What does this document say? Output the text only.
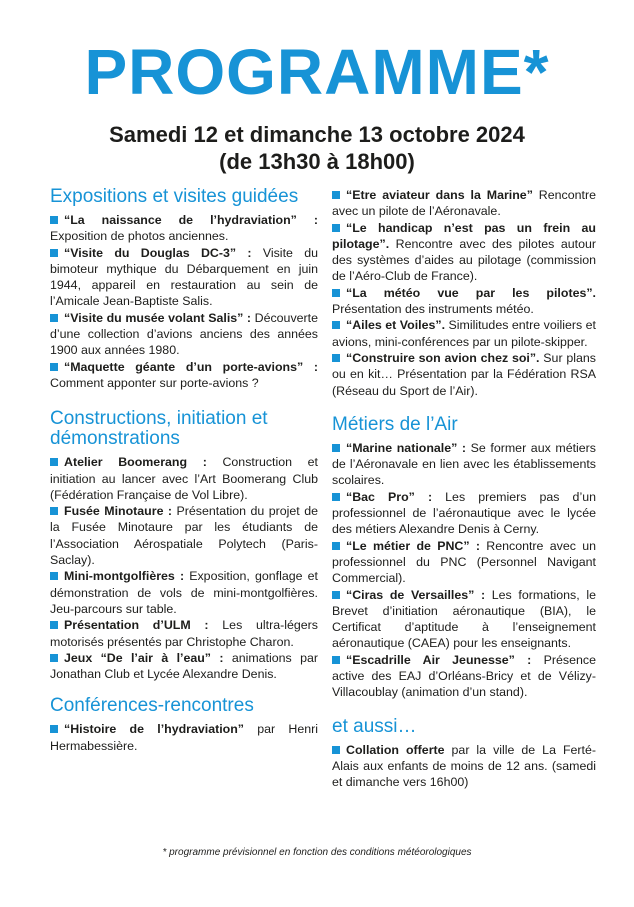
PROGRAMME*
Samedi 12 et dimanche 13 octobre 2024
(de 13h30 à 18h00)
Expositions et visites guidées

“La naissance de l’hydraviation” : Exposition de photos anciennes.

“Visite du Douglas DC-3” : Visite du bimoteur mythique du Débarquement en juin 1944, appareil en restauration au sein de l’Amicale Jean-Baptiste Salis.

“Visite du musée volant Salis” : Découverte d’une collection d’avions anciens des années 1900 aux années 1980.

“Maquette géante d’un porte-avions” : Comment apponter sur porte-avions ?

Constructions, initiation et démonstrations

Atelier Boomerang : Construction et initiation au lancer avec l’Art Boomerang Club (Fédération Française de Vol Libre).

Fusée Minotaure : Présentation du projet de la Fusée Minotaure par les étudiants de l’Association Aérospatiale Polytech (Paris-Saclay).

Mini-montgolfières : Exposition, gonflage et démonstration de vols de mini-montgolfières. Jeu-parcours sur table.

Présentation d’ULM : Les ultra-légers motorisés présentés par Christophe Charon.

Jeux “De l’air à l’eau” : animations par Jonathan Club et Lycée Alexandre Denis.

Conférences-rencontres

“Histoire de l’hydraviation” par Henri Hermabessière.

“Etre aviateur dans la Marine” Rencontre avec un pilote de l’Aéronavale.

“Le handicap n’est pas un frein au pilotage”. Rencontre avec des pilotes autour des systèmes d’aides au pilotage (commission de l’Aéro-Club de France).

“La météo vue par les pilotes”. Présentation des instruments météo.

“Ailes et Voiles”. Similitudes entre voiliers et avions, mini-conférences par un pilote-skipper.

“Construire son avion chez soi”. Sur plans ou en kit… Présentation par la Fédération RSA (Réseau du Sport de l’Air).

Métiers de l’Air

“Marine nationale” : Se former aux métiers de l’Aéronavale en lien avec les établissements scolaires.

“Bac Pro” : Les premiers pas d’un professionnel de l’aéronautique avec le lycée des métiers Alexandre Denis à Cerny.

“Le métier de PNC” : Rencontre avec un professionnel du PNC (Personnel Navigant Commercial).

“Ciras de Versailles” : Les formations, le Brevet d’initiation aéronautique (BIA), le Certificat d’aptitude à l’enseignement aéronautique (CAEA) pour les enseignants.

“Escadrille Air Jeunesse” : Présence active des EAJ d’Orléans-Bricy et de Vélizy-Villacoublay (animation d’un stand).

et aussi…

Collation offerte par la ville de La Ferté-Alais aux enfants de moins de 12 ans. (samedi et dimanche vers 16h00)

* programme prévisionnel en fonction des conditions météorologiques
